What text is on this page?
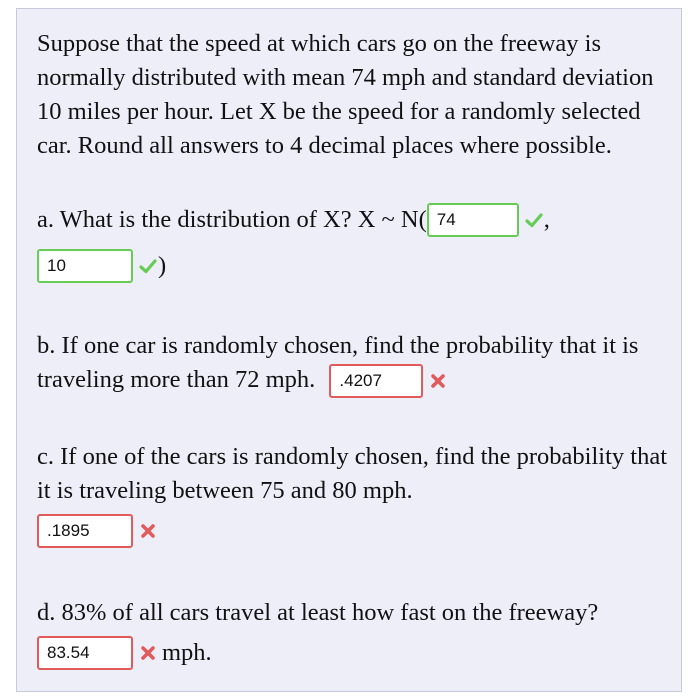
Suppose that the speed at which cars go on the freeway is normally distributed with mean 74 mph and standard deviation 10 miles per hour. Let X be the speed for a randomly selected car. Round all answers to 4 decimal places where possible.

a. What is the distribution of X? X ~ N(
74	,
10
)
b. If one car is randomly chosen, find the probability that it is traveling more than 72 mph. .4207
c. If one of the cars is randomly chosen, find the probability that it is traveling between 75 and 80 mph.
.1895
d. 83% of all cars travel at least how fast on the freeway?
83.54
mph.
